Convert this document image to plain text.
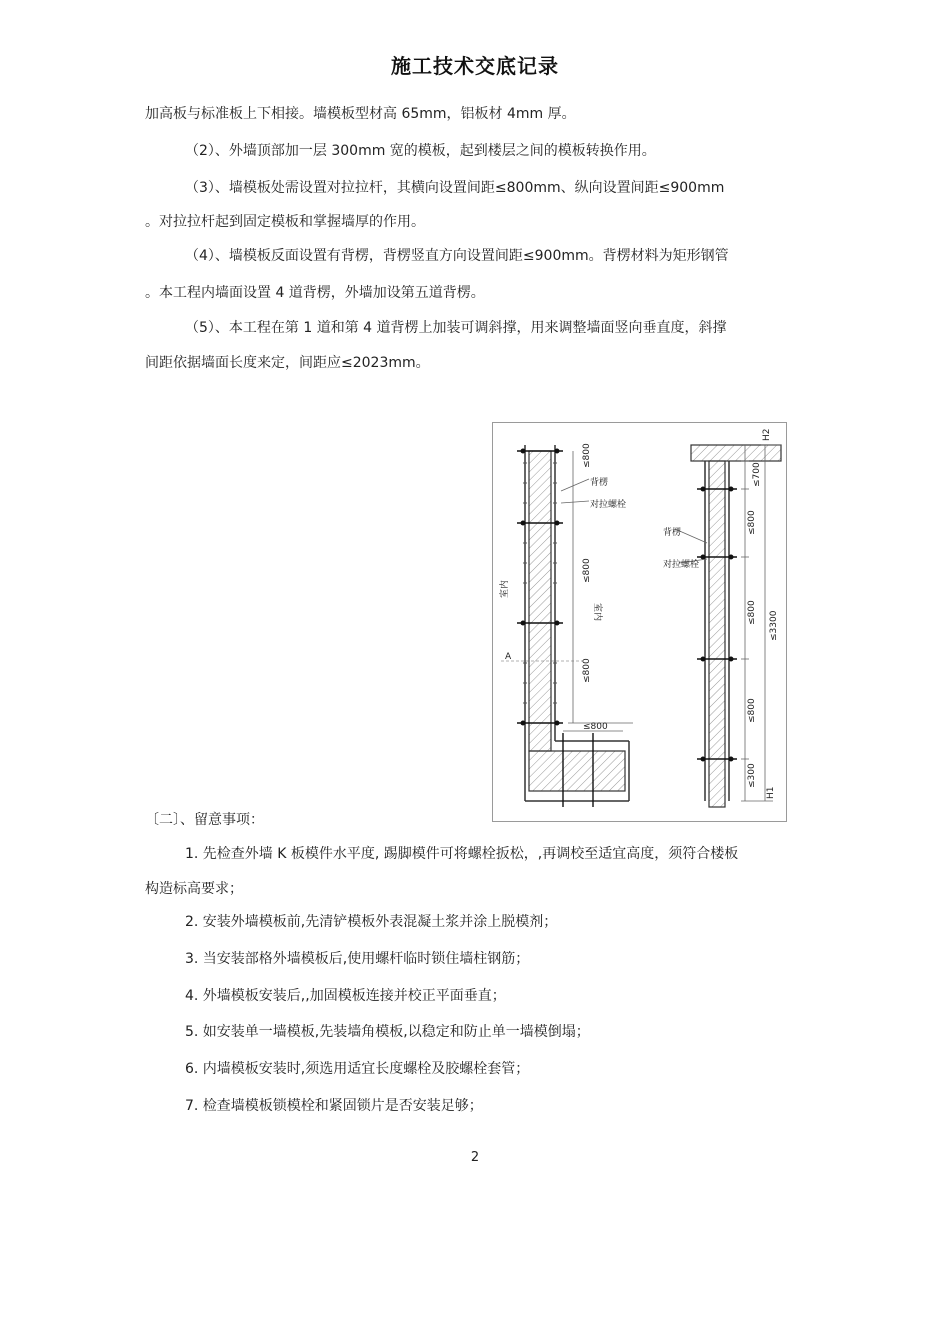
施工技术交底记录
加高板与标准板上下相接。墙模板型材高 65mm，铝板材 4mm 厚。
（2）、外墙顶部加一层 300mm 宽的模板，起到楼层之间的模板转换作用。
（3）、墙模板处需设置对拉拉杆，其横向设置间距≤800mm、纵向设置间距≤900mm
。对拉拉杆起到固定模板和掌握墙厚的作用。
（4）、墙模板反面设置有背楞，背楞竖直方向设置间距≤900mm。背楞材料为矩形钢管
。本工程内墙面设置 4 道背楞，外墙加设第五道背楞。
（5）、本工程在第 1 道和第 4 道背楞上加装可调斜撑，用来调整墙面竖向垂直度，斜撑
间距依据墙面长度来定，间距应≤2023mm。
背楞
对拉螺栓
≤800
≤800
≤800
≤800
室内
室内
A
H2
≤700
≤800
≤800
≤800
≤3300
≤300
H1
背楞
对拉螺栓
〔二〕、留意事项：
1. 先检查外墙 K 板模件水平度, 踢脚模件可将螺栓扳松，,再调校至适宜高度，须符合楼板
构造标高要求；
2. 安装外墙模板前,先清铲模板外表混凝土浆并涂上脱模剂；
3. 当安装部格外墙模板后,使用螺杆临时锁住墙柱钢筋；
4. 外墙模板安装后,,加固模板连接并校正平面垂直；
5. 如安装单一墙模板,先装墙角模板,以稳定和防止单一墙模倒塌；
6. 内墙模板安装时,须选用适宜长度螺栓及胶螺栓套管；
7. 检查墙模板锁模栓和紧固锁片是否安装足够；
2
